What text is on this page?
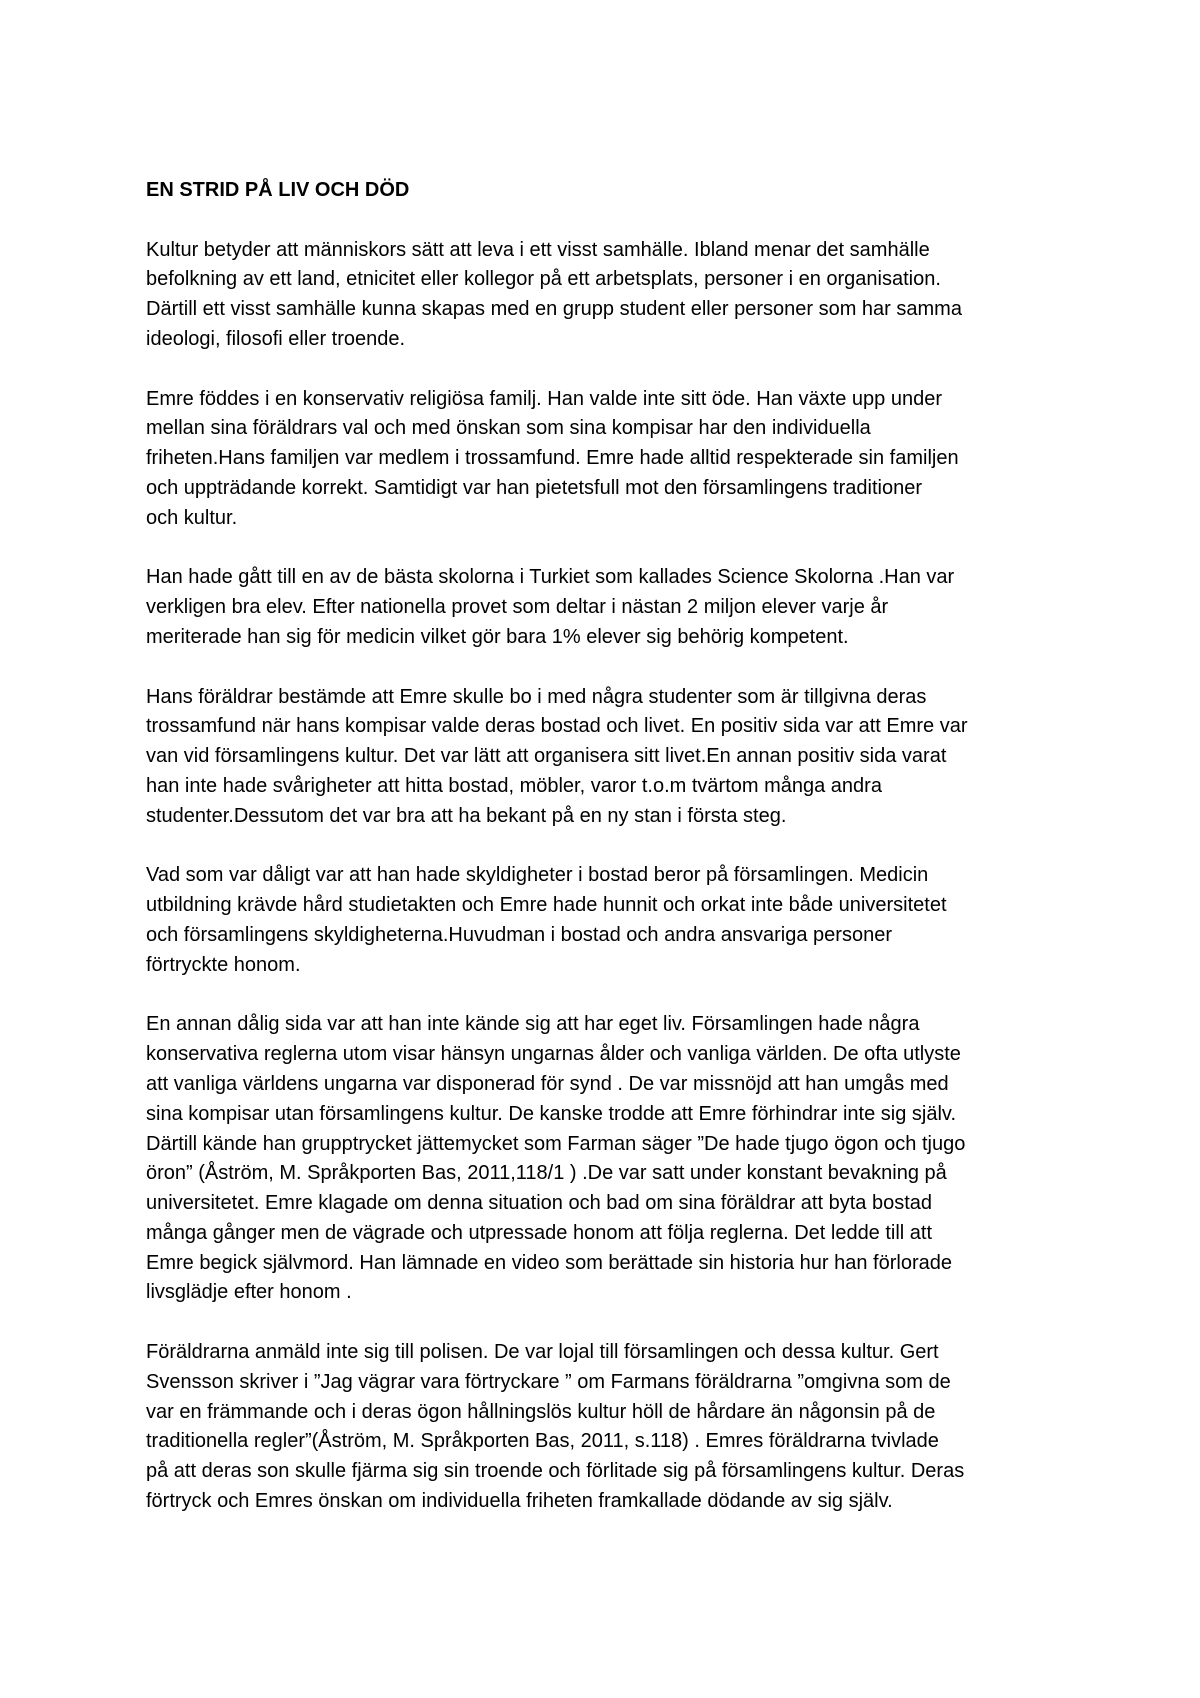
EN STRID PÅ LIV OCH DÖD
Kultur betyder att människors sätt att leva i ett visst samhälle. Ibland menar det samhälle
befolkning av ett land, etnicitet eller kollegor på ett arbetsplats, personer i en organisation.
Därtill ett visst samhälle kunna skapas med en grupp student eller personer som har samma
ideologi, filosofi eller troende.
Emre föddes i en konservativ religiösa familj. Han valde inte sitt öde. Han växte upp under
mellan sina föräldrars val och med önskan som sina kompisar har den individuella
friheten.Hans familjen var medlem i trossamfund. Emre hade alltid respekterade sin familjen
och uppträdande korrekt. Samtidigt var han pietetsfull mot den församlingens traditioner
och kultur.
Han hade gått till en av de bästa skolorna i Turkiet som kallades Science Skolorna .Han var
verkligen bra elev. Efter nationella provet som deltar i nästan 2 miljon elever varje år
meriterade han sig för medicin vilket gör bara 1% elever sig behörig kompetent.
Hans föräldrar bestämde att Emre skulle bo i med några studenter som är tillgivna deras
trossamfund när hans kompisar valde deras bostad och livet. En positiv sida var att Emre var
van vid församlingens kultur. Det var lätt att organisera sitt livet.En annan positiv sida varat
han inte hade svårigheter att hitta bostad, möbler, varor t.o.m tvärtom många andra
studenter.Dessutom det var bra att ha bekant på en ny stan i första steg.
Vad som var dåligt var att han hade skyldigheter i bostad beror på församlingen. Medicin
utbildning krävde hård studietakten och Emre hade hunnit och orkat inte både universitetet
och församlingens skyldigheterna.Huvudman i bostad och andra ansvariga personer
förtryckte honom.
En annan dålig sida var att han inte kände sig att har eget liv. Församlingen hade några
konservativa reglerna utom visar hänsyn ungarnas ålder och vanliga världen. De ofta utlyste
att vanliga världens ungarna var disponerad för synd . De var missnöjd att han umgås med
sina kompisar utan församlingens kultur. De kanske trodde att Emre förhindrar inte sig själv.
Därtill kände han grupptrycket jättemycket som Farman säger ”De hade tjugo ögon och tjugo
öron” (Åström, M. Språkporten Bas, 2011,118/1 ) .De var satt under konstant bevakning på
universitetet. Emre klagade om denna situation och bad om sina föräldrar att byta bostad
många gånger men de vägrade och utpressade honom att följa reglerna. Det ledde till att
Emre begick självmord. Han lämnade en video som berättade sin historia hur han förlorade
livsglädje efter honom .
Föräldrarna anmäld inte sig till polisen. De var lojal till församlingen och dessa kultur. Gert
Svensson skriver i ”Jag vägrar vara förtryckare ” om Farmans föräldrarna ”omgivna som de
var en främmande och i deras ögon hållningslös kultur höll de hårdare än någonsin på de
traditionella regler”(Åström, M. Språkporten Bas, 2011, s.118) . Emres föräldrarna tvivlade
på att deras son skulle fjärma sig sin troende och förlitade sig på församlingens kultur. Deras
förtryck och Emres önskan om individuella friheten framkallade dödande av sig själv.
